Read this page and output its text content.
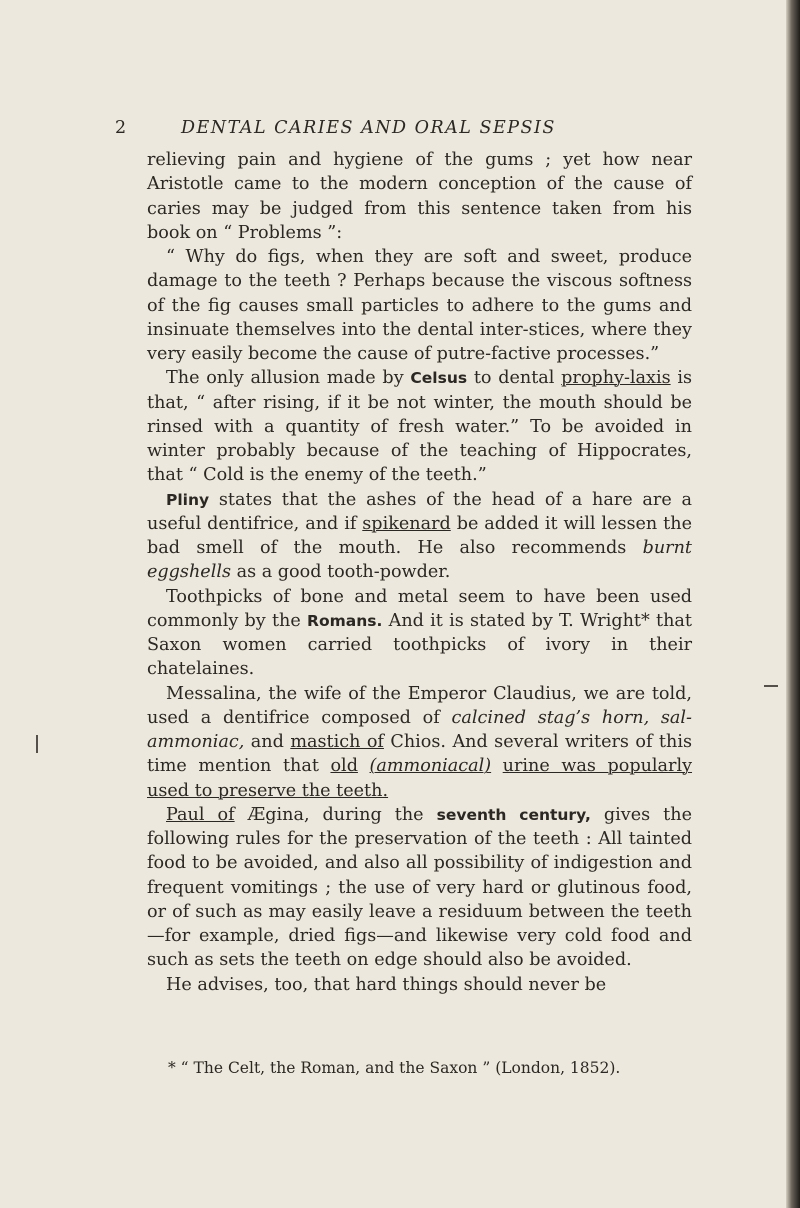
2	DENTAL CARIES AND ORAL SEPSIS

relieving pain and hygiene of the gums ; yet how near Aristotle came to the modern conception of the cause of caries may be judged from this sentence taken from his book on “ Problems ”:

“ Why do figs, when they are soft and sweet, produce damage to the teeth ? Perhaps because the viscous softness of the fig causes small particles to adhere to the gums and insinuate themselves into the dental inter-stices, where they very easily become the cause of putre-factive processes.”

The only allusion made by Celsus to dental prophy-laxis is that, “ after rising, if it be not winter, the mouth should be rinsed with a quantity of fresh water.” To be avoided in winter probably because of the teaching of Hippocrates, that “ Cold is the enemy of the teeth.”

Pliny states that the ashes of the head of a hare are a useful dentifrice, and if spikenard be added it will lessen the bad smell of the mouth. He also recommends burnt eggshells as a good tooth-powder.

Toothpicks of bone and metal seem to have been used commonly by the Romans. And it is stated by T. Wright* that Saxon women carried toothpicks of ivory in their chatelaines.

Messalina, the wife of the Emperor Claudius, we are told, used a dentifrice composed of calcined stag’s horn, sal-ammoniac, and mastich of Chios. And several writers of this time mention that old (ammoniacal) urine was popularly used to preserve the teeth.

Paul of Ægina, during the seventh century, gives the following rules for the preservation of the teeth : All tainted food to be avoided, and also all possibility of indigestion and frequent vomitings ; the use of very hard or glutinous food, or of such as may easily leave a residuum between the teeth—for example, dried figs—and likewise very cold food and such as sets the teeth on edge should also be avoided.

He advises, too, that hard things should never be

* “ The Celt, the Roman, and the Saxon ” (London, 1852).
